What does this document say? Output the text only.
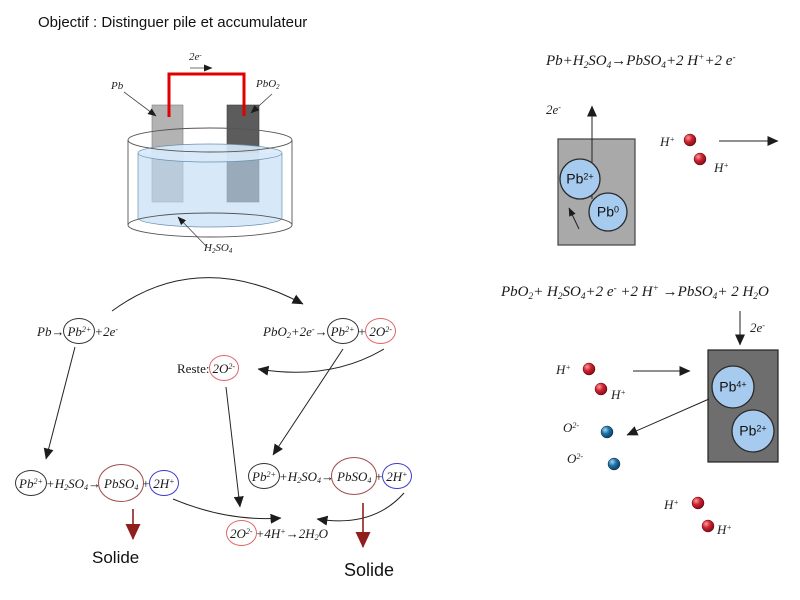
Objectif : Distinguer pile et accumulateur
2e-
Pb	PbO$_2$
$H_2SO_4$
$Pb\to Pb^{2+} +2e^-$	$PbO_2+2e^-\to Pb^{2+} + 2O^{2-}$
Reste: $2O^{2-}$
$Pb^{2+} +H_2SO_4\to$ PbSO$_4$ + 2H+	$Pb^{2+} +H_2SO_4\to$ PbSO$_4$ + 2H+
$2O^{2-} +4H^+\to 2H_2O$
Solide
Solide
$Pb+H_2SO_4\to PbSO_4+2$ H++2 e-
$PbO_2+ H_2SO_4+2$ e- +2 H+ →PbSO$_4$+ 2 $H_2O$
2e-
H+
H+
2e-
H+
H+
$O^{2-}$
$O^{2-}$
H+
H+
$Pb^{2+}$
Pb$^0$
$Pb^{4+}$
$Pb^{2+}$
